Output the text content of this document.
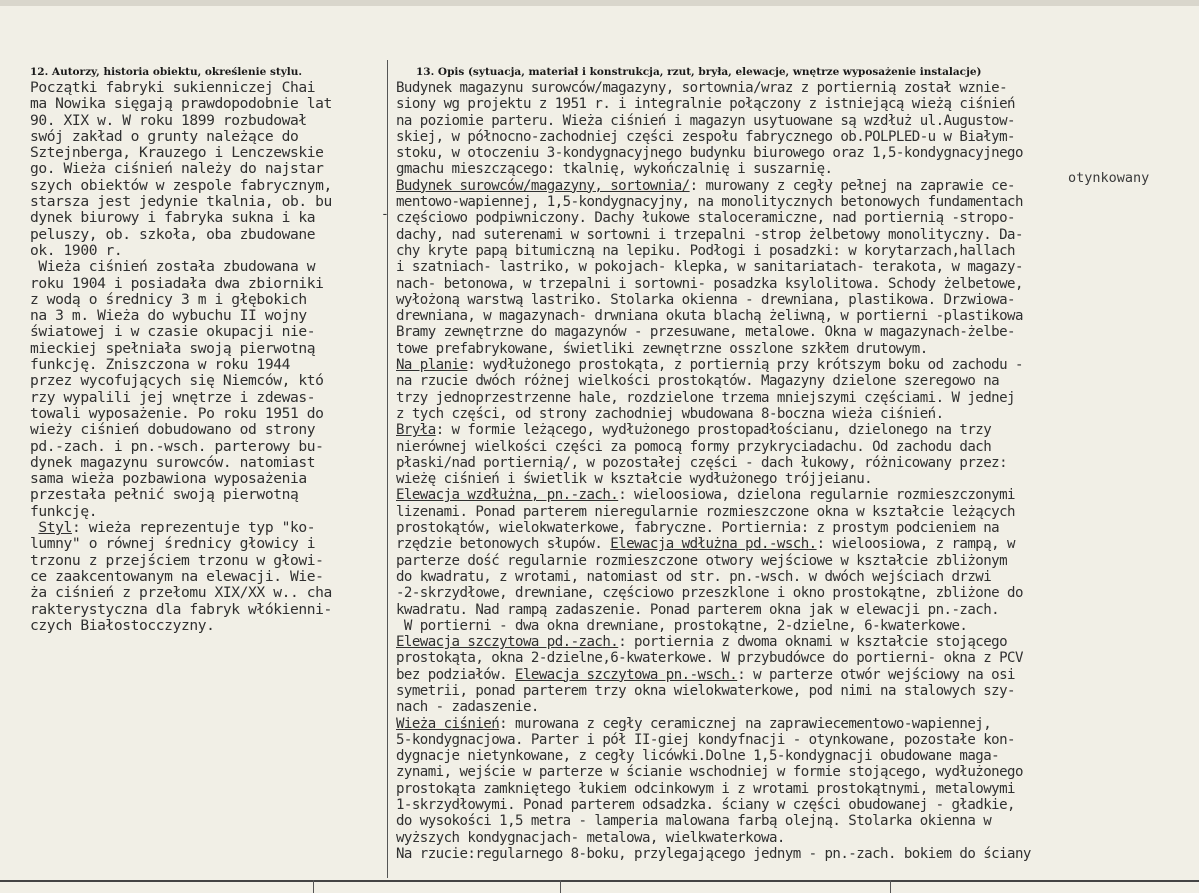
12. Autorzy, historia obiektu, określenie stylu.	13. Opis (sytuacja, materiał i konstrukcja, rzut, bryła, elewacje, wnętrze wyposażenie instalacje)
Początki fabryki sukienniczej Chai
ma Nowika sięgają prawdopodobnie lat
90. XIX w. W roku 1899 rozbudował
swój zakład o grunty należące do
Sztejnberga, Krauzego i Lenczewskie
go. Wieża ciśnień należy do najstar
szych obiektów w zespole fabrycznym,
starsza jest jedynie tkalnia, ob. bu
dynek biurowy i fabryka sukna i ka
peluszy, ob. szkoła, oba zbudowane
ok. 1900 r.
Wieża ciśnień została zbudowana w
roku 1904 i posiadała dwa zbiorniki
z wodą o średnicy 3 m i głębokich
na 3 m. Wieża do wybuchu II wojny
światowej i w czasie okupacji nie-
mieckiej spełniała swoją pierwotną
funkcję. Zniszczona w roku 1944
przez wycofujących się Niemców, któ
rzy wypalili jej wnętrze i zdewas-
towali wyposażenie. Po roku 1951 do
wieży ciśnień dobudowano od strony
pd.-zach. i pn.-wsch. parterowy bu-
dynek magazynu surowców. natomiast
sama wieża pozbawiona wyposażenia
przestała pełnić swoją pierwotną
funkcję.
Styl: wieża reprezentuje typ "ko-
lumny" o równej średnicy głowicy i
trzonu z przejściem trzonu w głowi-
ce zaakcentowanym na elewacji. Wie-
ża ciśnień z przełomu XIX/XX w.. cha
rakterystyczna dla fabryk włókienni-
czych Białostocczyzny.
Budynek magazynu surowców/magazyny, sortownia/wraz z portiernią został wznie-
siony wg projektu z 1951 r. i integralnie połączony z istniejącą wieżą ciśnień
na poziomie parteru. Wieża ciśnień i magazyn usytuowane są wzdłuż ul.Augustow-
skiej, w północno-zachodniej części zespołu fabrycznego ob.POLPLED-u w Białym-
stoku, w otoczeniu 3-kondygnacyjnego budynku biurowego oraz 1,5-kondygnacyjnego
gmachu mieszczącego: tkalnię, wykończalnię i suszarnię.
Budynek surowców/magazyny, sortownia/: murowany z cegły pełnej na zaprawie ce-
mentowo-wapiennej, 1,5-kondygnacyjny, na monolitycznych betonowych fundamentach
częściowo podpiwniczony. Dachy łukowe staloceramiczne, nad portiernią -stropo-
dachy, nad suterenami w sortowni i trzepalni -strop żelbetowy monolityczny. Da-
chy kryte papą bitumiczną na lepiku. Podłogi i posadzki: w korytarzach,hallach
i szatniach- lastriko, w pokojach- klepka, w sanitariatach- terakota, w magazy-
nach- betonowa, w trzepalni i sortowni- posadzka ksylolitowa. Schody żelbetowe,
wyłożoną warstwą lastriko. Stolarka okienna - drewniana, plastikowa. Drzwiowa-
drewniana, w magazynach- drwniana okuta blachą żeliwną, w portierni -plastikowa
Bramy zewnętrzne do magazynów - przesuwane, metalowe. Okna w magazynach-żelbe-
towe prefabrykowane, świetliki zewnętrzne osszlone szkłem drutowym.
Na planie: wydłużonego prostokąta, z portiernią przy krótszym boku od zachodu -
na rzucie dwóch różnej wielkości prostokątów. Magazyny dzielone szeregowo na
trzy jednoprzestrzenne hale, rozdzielone trzema mniejszymi częściami. W jednej
z tych części, od strony zachodniej wbudowana 8-boczna wieża ciśnień.
Bryła: w formie leżącego, wydłużonego prostopadłościanu, dzielonego na trzy
nierównej wielkości części za pomocą formy przykryciadachu. Od zachodu dach
płaski/nad portiernią/, w pozostałej części - dach łukowy, różnicowany przez:
wieżę ciśnień i świetlik w kształcie wydłużonego trójjeianu.
Elewacja wzdłużna, pn.-zach.: wieloosiowa, dzielona regularnie rozmieszczonymi
lizenami. Ponad parterem nieregularnie rozmieszczone okna w kształcie leżących
prostokątów, wielokwaterkowe, fabryczne. Portiernia: z prostym podcieniem na
rzędzie betonowych słupów. Elewacja wdłużna pd.-wsch.: wieloosiowa, z rampą, w
parterze dość regularnie rozmieszczone otwory wejściowe w kształcie zbliżonym
do kwadratu, z wrotami, natomiast od str. pn.-wsch. w dwóch wejściach drzwi
-2-skrzydłowe, drewniane, częściowo przeszklone i okno prostokątne, zbliżone do
kwadratu. Nad rampą zadaszenie. Ponad parterem okna jak w elewacji pn.-zach.
W portierni - dwa okna drewniane, prostokątne, 2-dzielne, 6-kwaterkowe.
Elewacja szczytowa pd.-zach.: portiernia z dwoma oknami w kształcie stojącego
prostokąta, okna 2-dzielne,6-kwaterkowe. W przybudówce do portierni- okna z PCV
bez podziałów. Elewacja szczytowa pn.-wsch.: w parterze otwór wejściowy na osi
symetrii, ponad parterem trzy okna wielokwaterkowe, pod nimi na stalowych szy-
nach - zadaszenie.
Wieża ciśnień: murowana z cegły ceramicznej na zaprawiecementowo-wapiennej,
5-kondygnacjowa. Parter i pół II-giej kondyfnacji - otynkowane, pozostałe kon-
dygnacje nietynkowane, z cegły licówki.Dolne 1,5-kondygnacji obudowane maga-
zynami, wejście w parterze w ścianie wschodniej w formie stojącego, wydłużonego
prostokąta zamkniętego łukiem odcinkowym i z wrotami prostokątnymi, metalowymi
1-skrzydłowymi. Ponad parterem odsadzka. ściany w części obudowanej - gładkie,
do wysokości 1,5 metra - lamperia malowana farbą olejną. Stolarka okienna w
wyższych kondygnacjach- metalowa, wielkwaterkowa.
Na rzucie:regularnego 8-boku, przylegającego jednym - pn.-zach. bokiem do ściany
otynkowany
-
